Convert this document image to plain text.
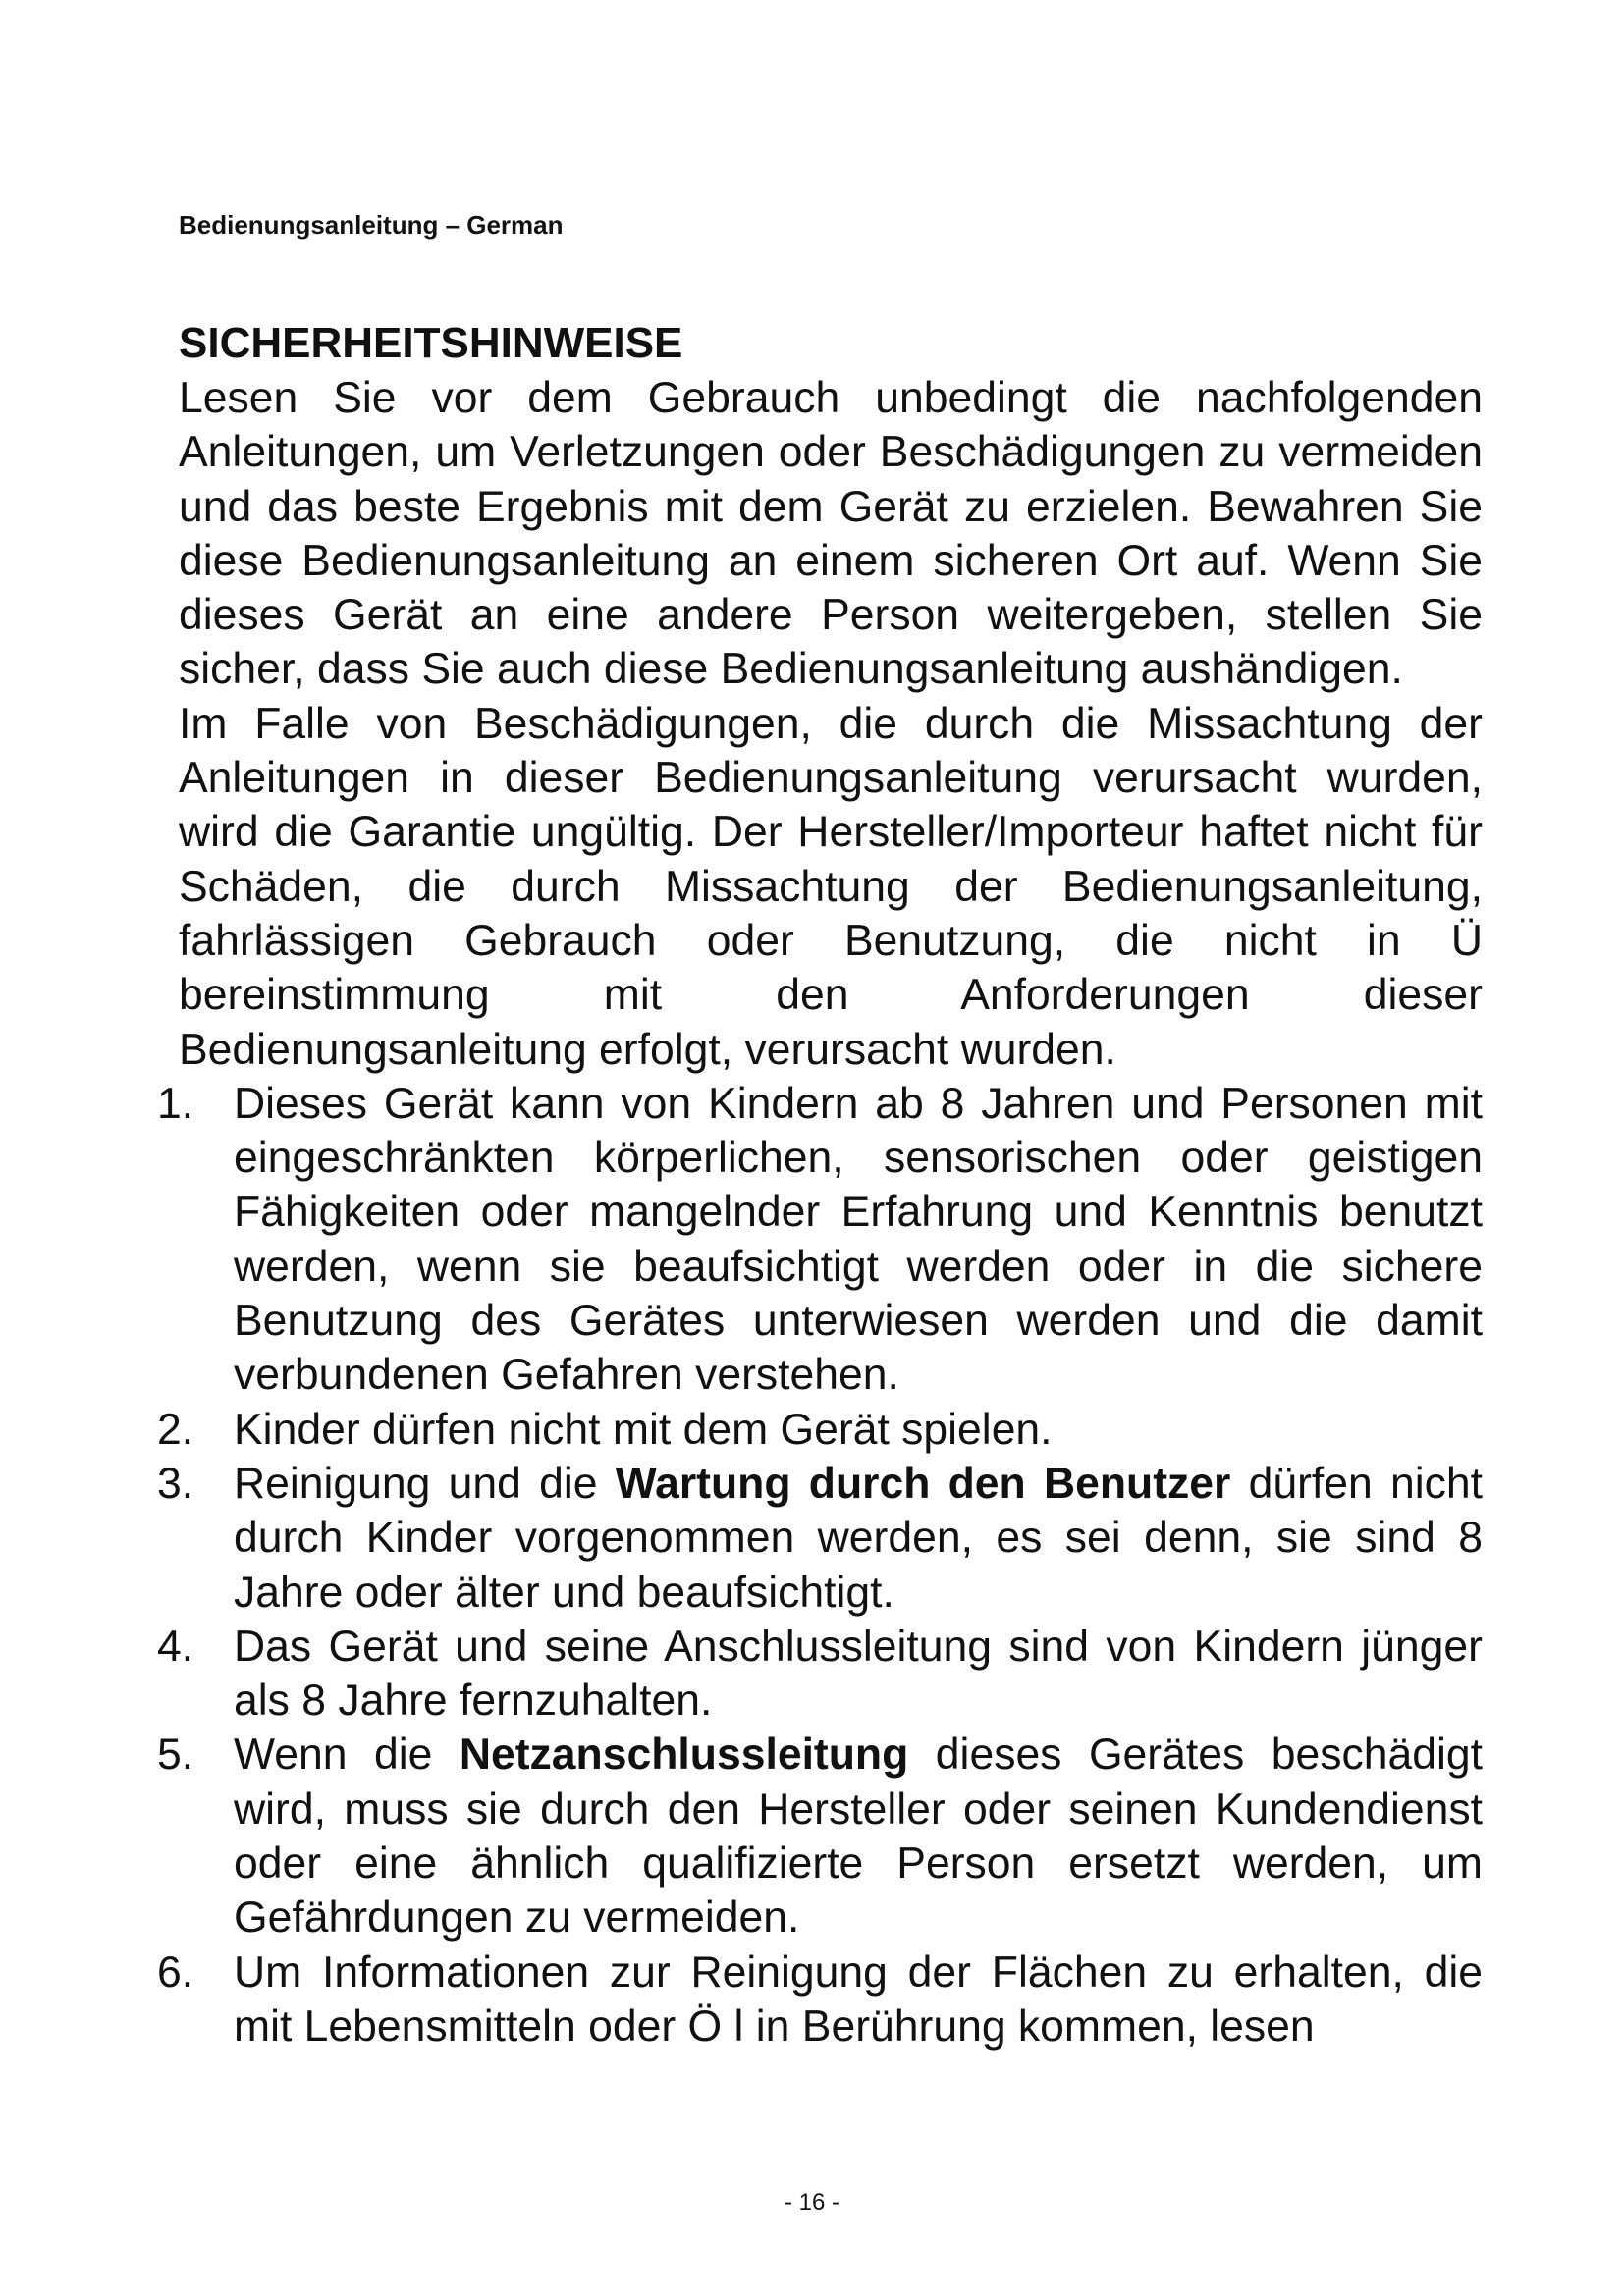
Bedienungsanleitung – German
SICHERHEITSHINWEISE

Lesen Sie vor dem Gebrauch unbedingt die nachfolgenden Anleitungen, um Verletzungen oder Beschädigungen zu vermeiden und das beste Ergebnis mit dem Gerät zu erzielen. Bewahren Sie diese Bedienungsanleitung an einem sicheren Ort auf. Wenn Sie dieses Gerät an eine andere Person weitergeben, stellen Sie sicher, dass Sie auch diese Bedienungsanleitung aushändigen.

Im Falle von Beschädigungen, die durch die Missachtung der Anleitungen in dieser Bedienungsanleitung verursacht wurden, wird die Garantie ungültig. Der Hersteller/Importeur haftet nicht für Schäden, die durch Missachtung der Bedienungsanleitung, fahrlässigen Gebrauch oder Benutzung, die nicht in Ü bereinstimmung mit den Anforderungen dieser Bedienungsanleitung erfolgt, verursacht wurden.

1. Dieses Gerät kann von Kindern ab 8 Jahren und Personen mit eingeschränkten körperlichen, sensorischen oder geistigen Fähigkeiten oder mangelnder Erfahrung und Kenntnis benutzt werden, wenn sie beaufsichtigt werden oder in die sichere Benutzung des Gerätes unterwiesen werden und die damit verbundenen Gefahren verstehen.
2. Kinder dürfen nicht mit dem Gerät spielen.
3. Reinigung und die Wartung durch den Benutzer dürfen nicht durch Kinder vorgenommen werden, es sei denn, sie sind 8 Jahre oder älter und beaufsichtigt.
4. Das Gerät und seine Anschlussleitung sind von Kindern jünger als 8 Jahre fernzuhalten.
5. Wenn die Netzanschlussleitung dieses Gerätes beschädigt wird, muss sie durch den Hersteller oder seinen Kundendienst oder eine ähnlich qualifizierte Person ersetzt werden, um Gefährdungen zu vermeiden.
6. Um Informationen zur Reinigung der Flächen zu erhalten, die mit Lebensmitteln oder Ö l in Berührung kommen, lesen
- 16 -
